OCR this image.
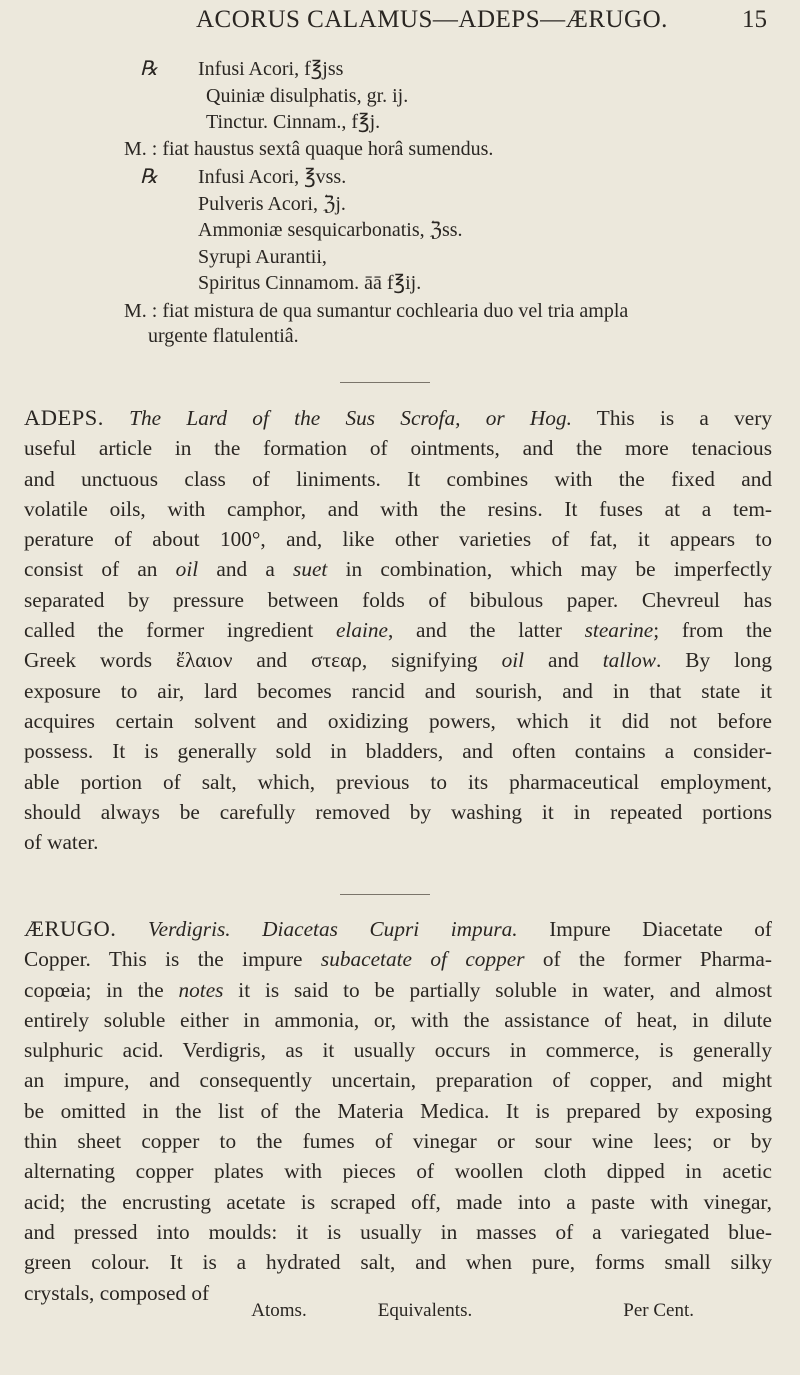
ACORUS CALAMUS—ADEPS—ÆRUGO.	15
℞ Infusi Acori, f℥jss
Quiniæ disulphatis, gr. ij.
Tinctur. Cinnam., f℥j.
M. : fiat haustus sextâ quaque horâ sumendus.
℞ Infusi Acori, ℥vss.
Pulveris Acori, ℨj.
Ammoniæ sesquicarbonatis, ℨss.
Syrupi Aurantii,
Spiritus Cinnamom. āā f℥ij.
M. : fiat mistura de qua sumantur cochlearia duo vel tria ampla
urgente flatulentiâ.
ADEPS. The Lard of the Sus Scrofa, or Hog. This is a very
useful article in the formation of ointments, and the more tenacious
and unctuous class of liniments. It combines with the fixed and
volatile oils, with camphor, and with the resins. It fuses at a tem-
perature of about 100°, and, like other varieties of fat, it appears to
consist of an oil and a suet in combination, which may be imperfectly
separated by pressure between folds of bibulous paper. Chevreul has
called the former ingredient elaine, and the latter stearine; from the
Greek words ἔλαιον and στεαρ, signifying oil and tallow. By long
exposure to air, lard becomes rancid and sourish, and in that state it
acquires certain solvent and oxidizing powers, which it did not before
possess. It is generally sold in bladders, and often contains a consider-
able portion of salt, which, previous to its pharmaceutical employment,
should always be carefully removed by washing it in repeated portions
of water.
ÆRUGO. Verdigris. Diacetas Cupri impura. Impure Diacetate of
Copper. This is the impure subacetate of copper of the former Pharma-
copœia; in the notes it is said to be partially soluble in water, and almost
entirely soluble either in ammonia, or, with the assistance of heat, in dilute
sulphuric acid. Verdigris, as it usually occurs in commerce, is generally
an impure, and consequently uncertain, preparation of copper, and might
be omitted in the list of the Materia Medica. It is prepared by exposing
thin sheet copper to the fumes of vinegar or sour wine lees; or by
alternating copper plates with pieces of woollen cloth dipped in acetic
acid; the encrusting acetate is scraped off, made into a paste with vinegar,
and pressed into moulds: it is usually in masses of a variegated blue-
green colour. It is a hydrated salt, and when pure, forms small silky
crystals, composed of
Atoms.	Equivalents.	Per Cent.
